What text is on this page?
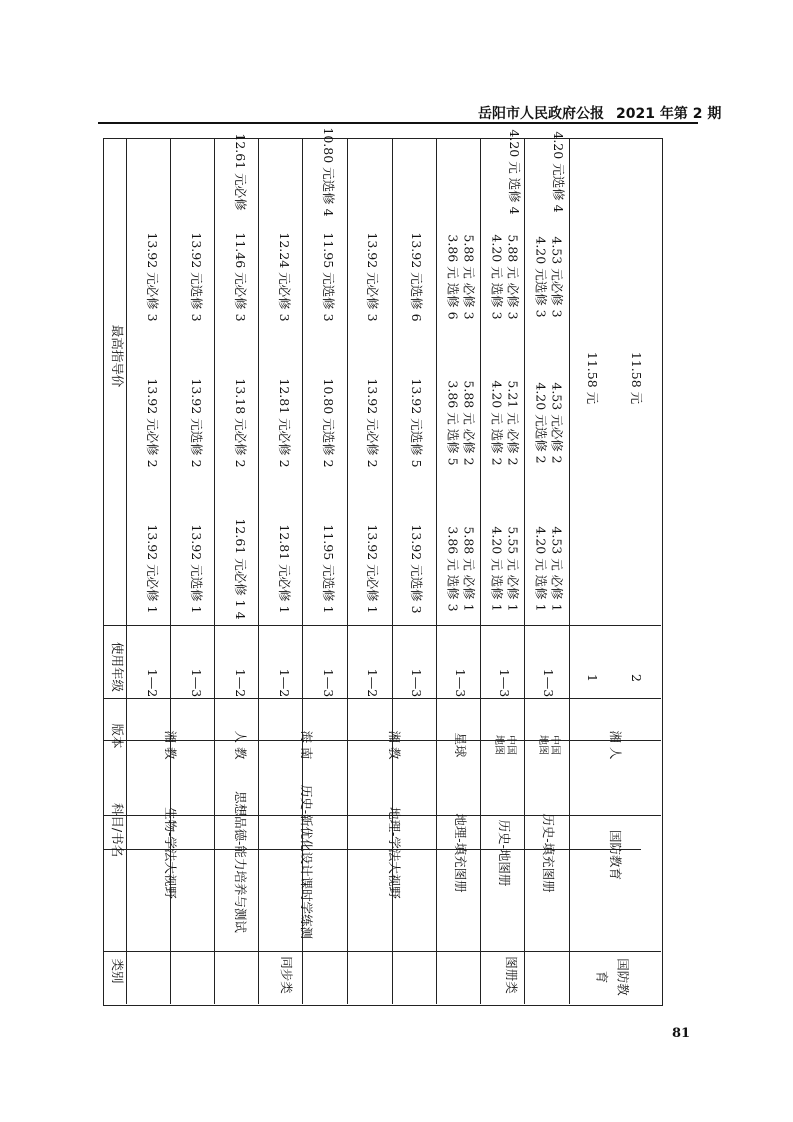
岳阳市人民政府公报 2021 年第 2 期
类别
科目/书名
版本
使用年级
最高指导价
同步类	图册类	国防教育
生物-学法大视野
湘 教
1—2
13.92 元必修 1
13.92 元必修 2
13.92 元必修 3
1—3
13.92 元选修 1
13.92 元选修 2
13.92 元选修 3
思想品德-能力培养与测试
人 教
1—2
12.61 元必修 1 4
13.18 元必修 2
11.46 元必修 3
12.61 元必修
历史-新优化设计课时学练测
海 南
1—2
12.81 元必修 1
12.81 元必修 2
12.24 元必修 3
1—3
11.95 元选修 1
10.80 元选修 2
11.95 元选修 3
10.80 元选修 4
地理-学法大视野
湘 教
1—2
13.92 元必修 1
13.92 元必修 2
13.92 元必修 3
1—3
13.92 元选修 3
13.92 元选修 5
13.92 元选修 6
地理-填充图册
星球
1—3
5.88 元 必修 1
3.86 元 选修 3
5.88 元 必修 2
3.86 元 选修 5
5.88 元 必修 3
3.86 元 选修 6
历史-地图册
中国
地图
1—3
5.55 元 必修 1
4.20 元 选修 1
5.21 元 必修 2
4.20 元 选修 2
5.88 元 必修 3
4.20 元 选修 3
4.20 元 选修 4
历史-填充图册
中国
地图
1—3
4.53 元 必修 1
4.20 元 选修 1
4.53 元必修 2
4.20 元选修 2
4.53 元必修 3
4.20 元选修 3
4.20 元选修 4
国防教育
湘 人
1
11.58 元
2
11.58 元
81
